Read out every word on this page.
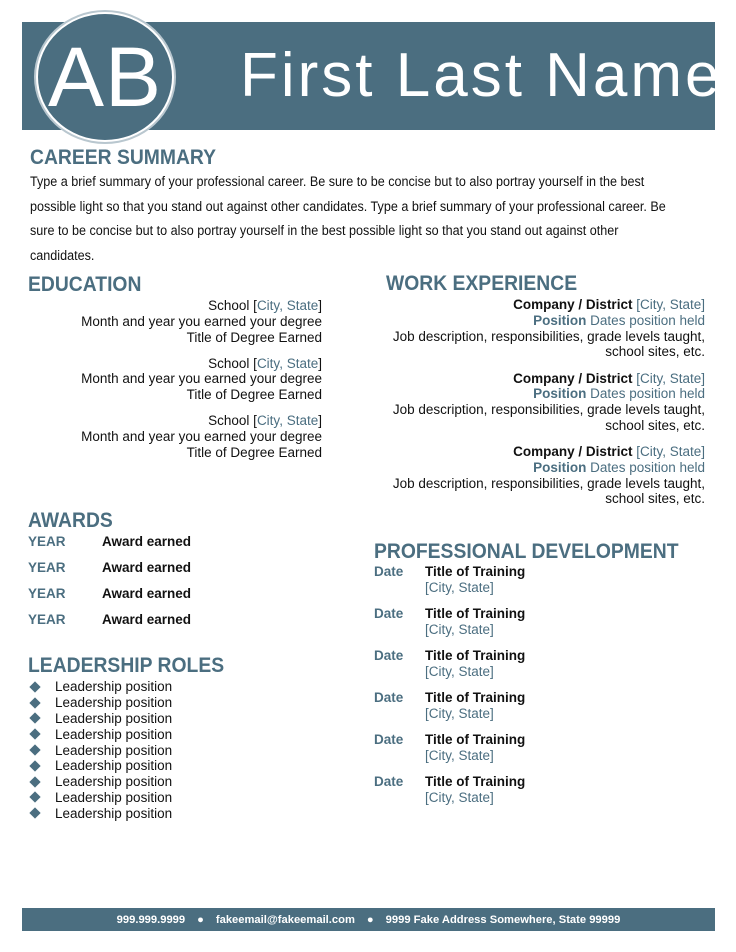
AB First Last Name
CAREER SUMMARY
Type a brief summary of your professional career. Be sure to be concise but to also portray yourself in the best possible light so that you stand out against other candidates. Type a brief summary of your professional career. Be sure to be concise but to also portray yourself in the best possible light so that you stand out against other candidates.
EDUCATION
School [City, State]
Month and year you earned your degree
Title of Degree Earned
School [City, State]
Month and year you earned your degree
Title of Degree Earned
School [City, State]
Month and year you earned your degree
Title of Degree Earned
WORK EXPERIENCE
Company / District [City, State]
Position Dates position held
Job description, responsibilities, grade levels taught,
school sites, etc.
Company / District [City, State]
Position Dates position held
Job description, responsibilities, grade levels taught,
school sites, etc.
Company / District [City, State]
Position Dates position held
Job description, responsibilities, grade levels taught,
school sites, etc.
AWARDS
YEAR	Award earned
YEAR	Award earned
YEAR	Award earned
YEAR	Award earned
LEADERSHIP ROLES
Leadership position
Leadership position
Leadership position
Leadership position
Leadership position
Leadership position
Leadership position
Leadership position
Leadership position
PROFESSIONAL DEVELOPMENT
Date	Title of Training
[City, State]
Date	Title of Training
[City, State]
Date	Title of Training
[City, State]
Date	Title of Training
[City, State]
Date	Title of Training
[City, State]
Date	Title of Training
[City, State]
999.999.9999 ● fakeemail@fakeemail.com ● 9999 Fake Address Somewhere, State 99999
